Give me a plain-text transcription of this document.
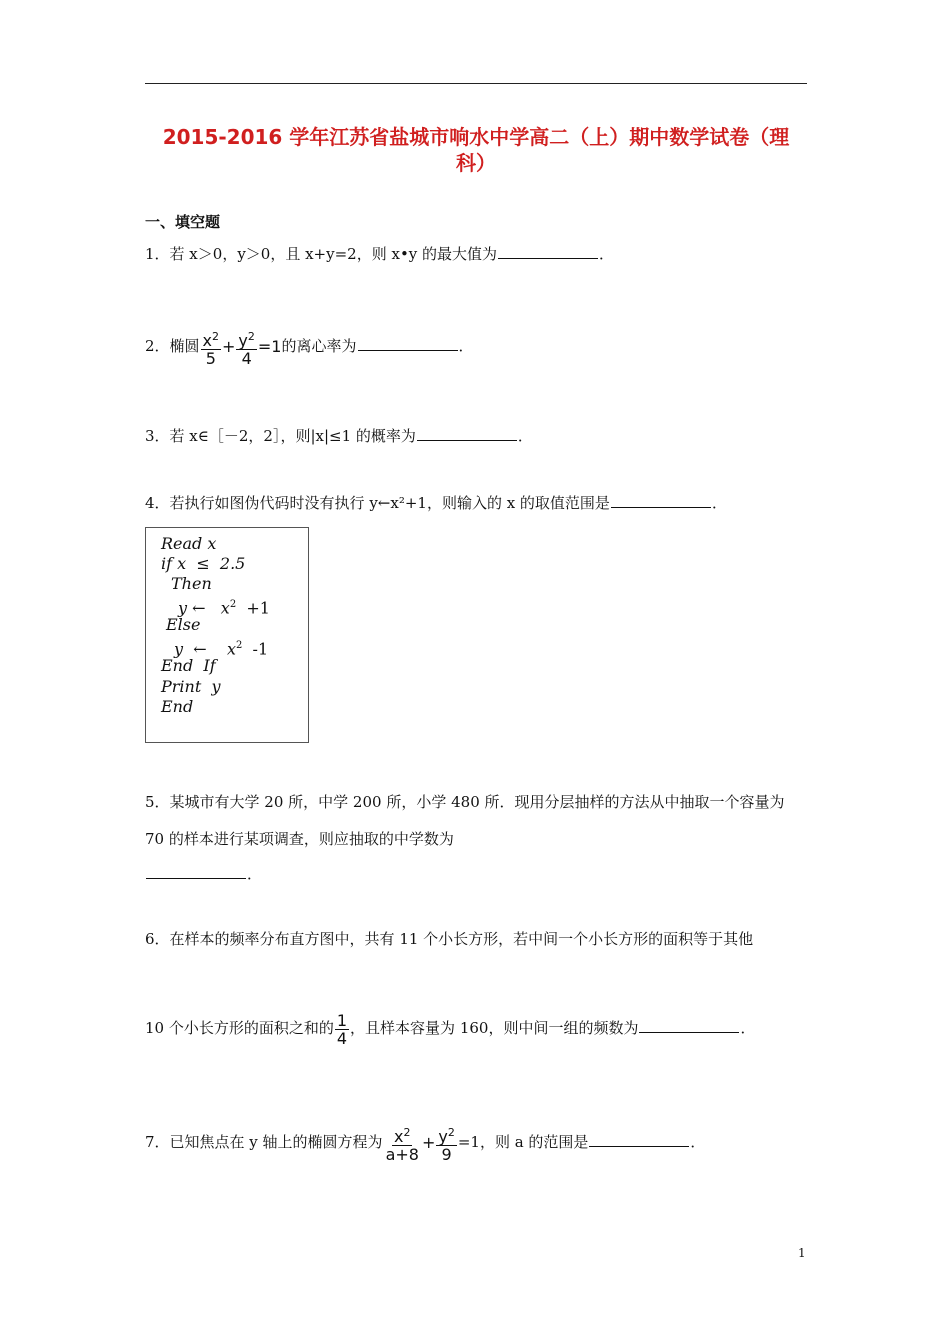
2015-2016 学年江苏省盐城市响水中学高二（上）期中数学试卷（理
科）
一、填空题
1．若 x＞0，y＞0，且 x+y=2，则 x•y 的最大值为	．
2．椭圆 $\frac{x^2}{5} + \frac{y^2}{4} =1$的离心率为	．
3．若 x∈［－2，2］，则|x|≤1 的概率为	．
4．若执行如图伪代码时没有执行 y←x²+1，则输入的 x 的取值范围是	．
Read x
if x  ≤  2.5
Then
y ←   $x^2 +1$
Else
y  ←    $x^2$ -1
End  If
Print  y
End
5．某城市有大学 20 所，中学 200 所，小学 480 所．现用分层抽样的方法从中抽取一个容量为
70 的样本进行某项调查，则应抽取的中学数为
．
6．在样本的频率分布直方图中，共有 11 个小长方形，若中间一个小长方形的面积等于其他
10 个小长方形的面积之和的 $\frac{1}{4}$ ，且样本容量为 160，则中间一组的频数为	．
7．已知焦点在 y 轴上的椭圆方程为 $\frac{x^2}{a+8} + \frac{y^2}{9} =1$，则 a 的范围是	．
1
